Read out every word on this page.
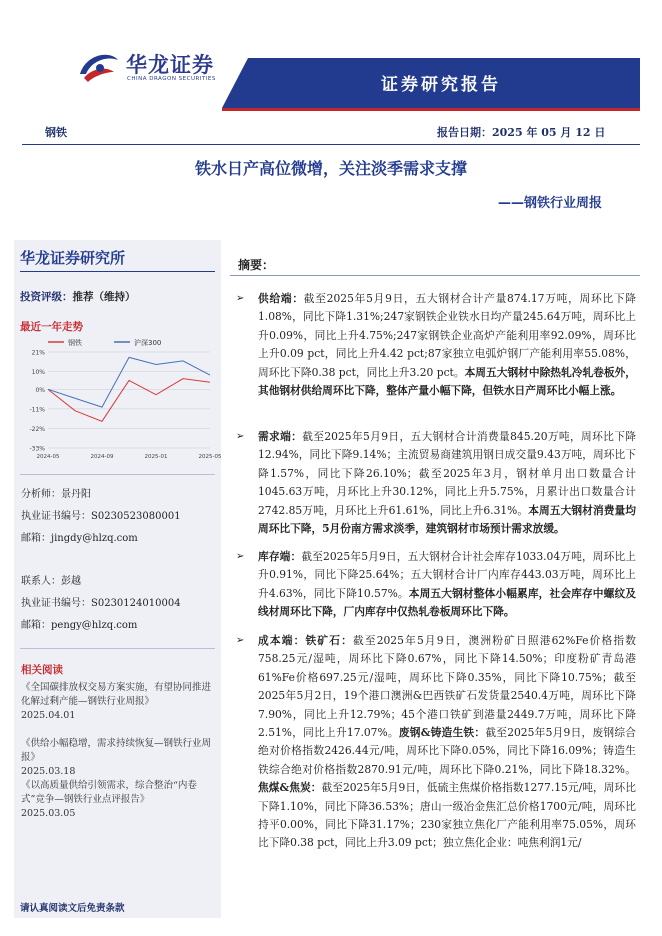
华龙证券
CHINA DRAGON SECURITIES	证券研究报告
钢铁	报告日期：2025 年 05 月 12 日
铁水日产高位微增，关注淡季需求支撑
——钢铁行业周报
华龙证券研究所
投资评级：推荐（维持）
最近一年走势
21%
10%
0%
-11%
-22%
-33%
2024-05	2024-09	2025-01	2025-05
钢铁	沪深300
分析师：景丹阳
执业证书编号：S0230523080001
邮箱：jingdy@hlzq.com
联系人：彭越
执业证书编号：S0230124010004
邮箱：pengy@hlzq.com
相关阅读
《全国碳排放权交易方案实施，有望协同推进化解过剩产能—钢铁行业周报》
2025.04.01
《供给小幅稳增，需求持续恢复—钢铁行业周报》
2025.03.18
《以高质量供给引领需求，综合整治“内卷式”竞争—钢铁行业点评报告》
2025.03.05
请认真阅读文后免责条款
摘要：
➢ 供给端：截至2025年5月9日，五大钢材合计产量874.17万吨，周环比下降1.08%，同比下降1.31%;247家钢铁企业铁水日均产量245.64万吨，周环比上升0.09%，同比上升4.75%;247家钢铁企业高炉产能利用率92.09%，周环比上升0.09 pct，同比上升4.42 pct;87家独立电弧炉钢厂产能利用率55.08%，周环比下降0.38 pct，同比上升3.20 pct。本周五大钢材中除热轧冷轧卷板外，其他钢材供给周环比下降，整体产量小幅下降，但铁水日产周环比小幅上涨。
➢ 需求端：截至2025年5月9日，五大钢材合计消费量845.20万吨，周环比下降12.94%，同比下降9.14%；主流贸易商建筑用钢日成交量9.43万吨，周环比下降1.57%，同比下降26.10%；截至2025年3月，钢材单月出口数量合计1045.63万吨，月环比上升30.12%，同比上升5.75%，月累计出口数量合计2742.85万吨，月环比上升61.61%，同比上升6.31%。本周五大钢材消费量均周环比下降，5月份南方需求淡季，建筑钢材市场预计需求放缓。
➢ 库存端：截至2025年5月9日，五大钢材合计社会库存1033.04万吨，周环比上升0.91%，同比下降25.64%；五大钢材合计厂内库存443.03万吨，周环比上升4.63%，同比下降10.57%。本周五大钢材整体小幅累库，社会库存中螺纹及线材周环比下降，厂内库存中仅热轧卷板周环比下降。
➢ 成本端：铁矿石：截至2025年5月9日，澳洲粉矿日照港62%Fe价格指数758.25元/湿吨，周环比下降0.67%，同比下降14.50%；印度粉矿青岛港61%Fe价格697.25元/湿吨，周环比下降0.35%，同比下降10.75%；截至2025年5月2日，19个港口澳洲&巴西铁矿石发货量2540.4万吨，周环比下降7.90%，同比上升12.79%；45个港口铁矿到港量2449.7万吨，周环比下降2.51%，同比上升17.07%。废钢&铸造生铁：截至2025年5月9日，废钢综合绝对价格指数2426.44元/吨，周环比下降0.05%，同比下降16.09%；铸造生铁综合绝对价格指数2870.91元/吨，周环比下降0.21%，同比下降18.32%。焦煤&焦炭：截至2025年5月9日，低硫主焦煤价格指数1277.15元/吨，周环比下降1.10%，同比下降36.53%；唐山一级冶金焦汇总价格1700元/吨，周环比持平0.00%，同比下降31.17%；230家独立焦化厂产能利用率75.05%，周环比下降0.38 pct，同比上升3.09 pct；独立焦化企业：吨焦利润1元/
